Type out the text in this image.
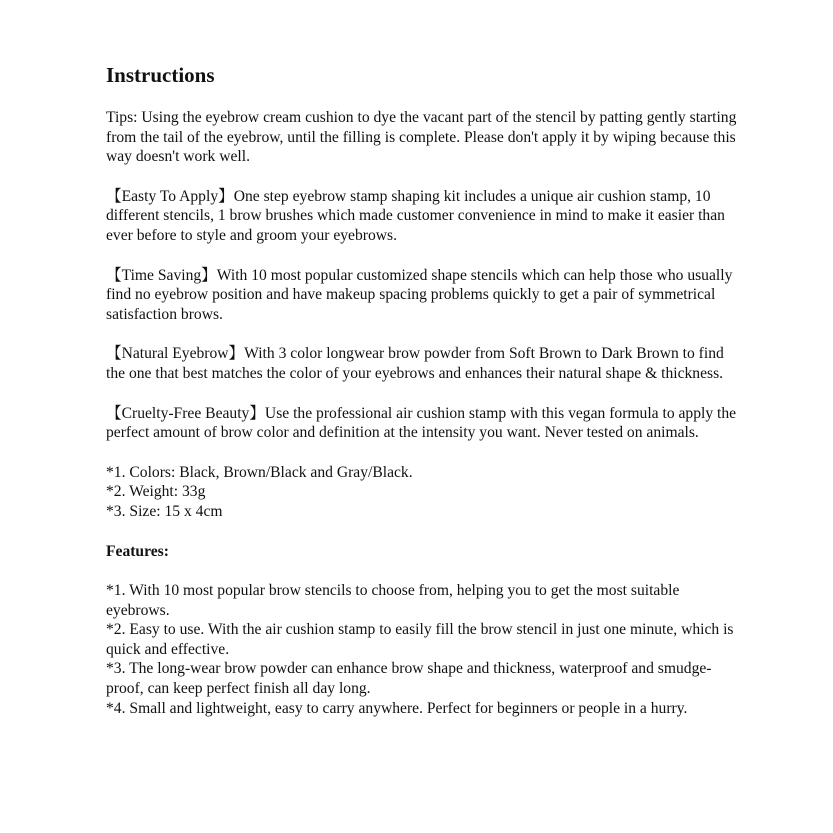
Instructions

Tips: Using the eyebrow cream cushion to dye the vacant part of the stencil by patting gently starting from the tail of the eyebrow, until the filling is complete. Please don't apply it by wiping because this way doesn't work well.

【Easty To Apply】One step eyebrow stamp shaping kit includes a unique air cushion stamp, 10 different stencils, 1 brow brushes which made customer convenience in mind to make it easier than ever before to style and groom your eyebrows.

【Time Saving】With 10 most popular customized shape stencils which can help those who usually find no eyebrow position and have makeup spacing problems quickly to get a pair of symmetrical satisfaction brows.

【Natural Eyebrow】With 3 color longwear brow powder from Soft Brown to Dark Brown to find the one that best matches the color of your eyebrows and enhances their natural shape & thickness.

【Cruelty-Free Beauty】Use the professional air cushion stamp with this vegan formula to apply the perfect amount of brow color and definition at the intensity you want. Never tested on animals.

*1. Colors: Black, Brown/Black and Gray/Black.
*2. Weight: 33g
*3. Size: 15 x 4cm
Features:
*1. With 10 most popular brow stencils to choose from, helping you to get the most suitable eyebrows.
*2. Easy to use. With the air cushion stamp to easily fill the brow stencil in just one minute, which is quick and effective.
*3. The long-wear brow powder can enhance brow shape and thickness, waterproof and smudge-proof, can keep perfect finish all day long.
*4. Small and lightweight, easy to carry anywhere. Perfect for beginners or people in a hurry.
